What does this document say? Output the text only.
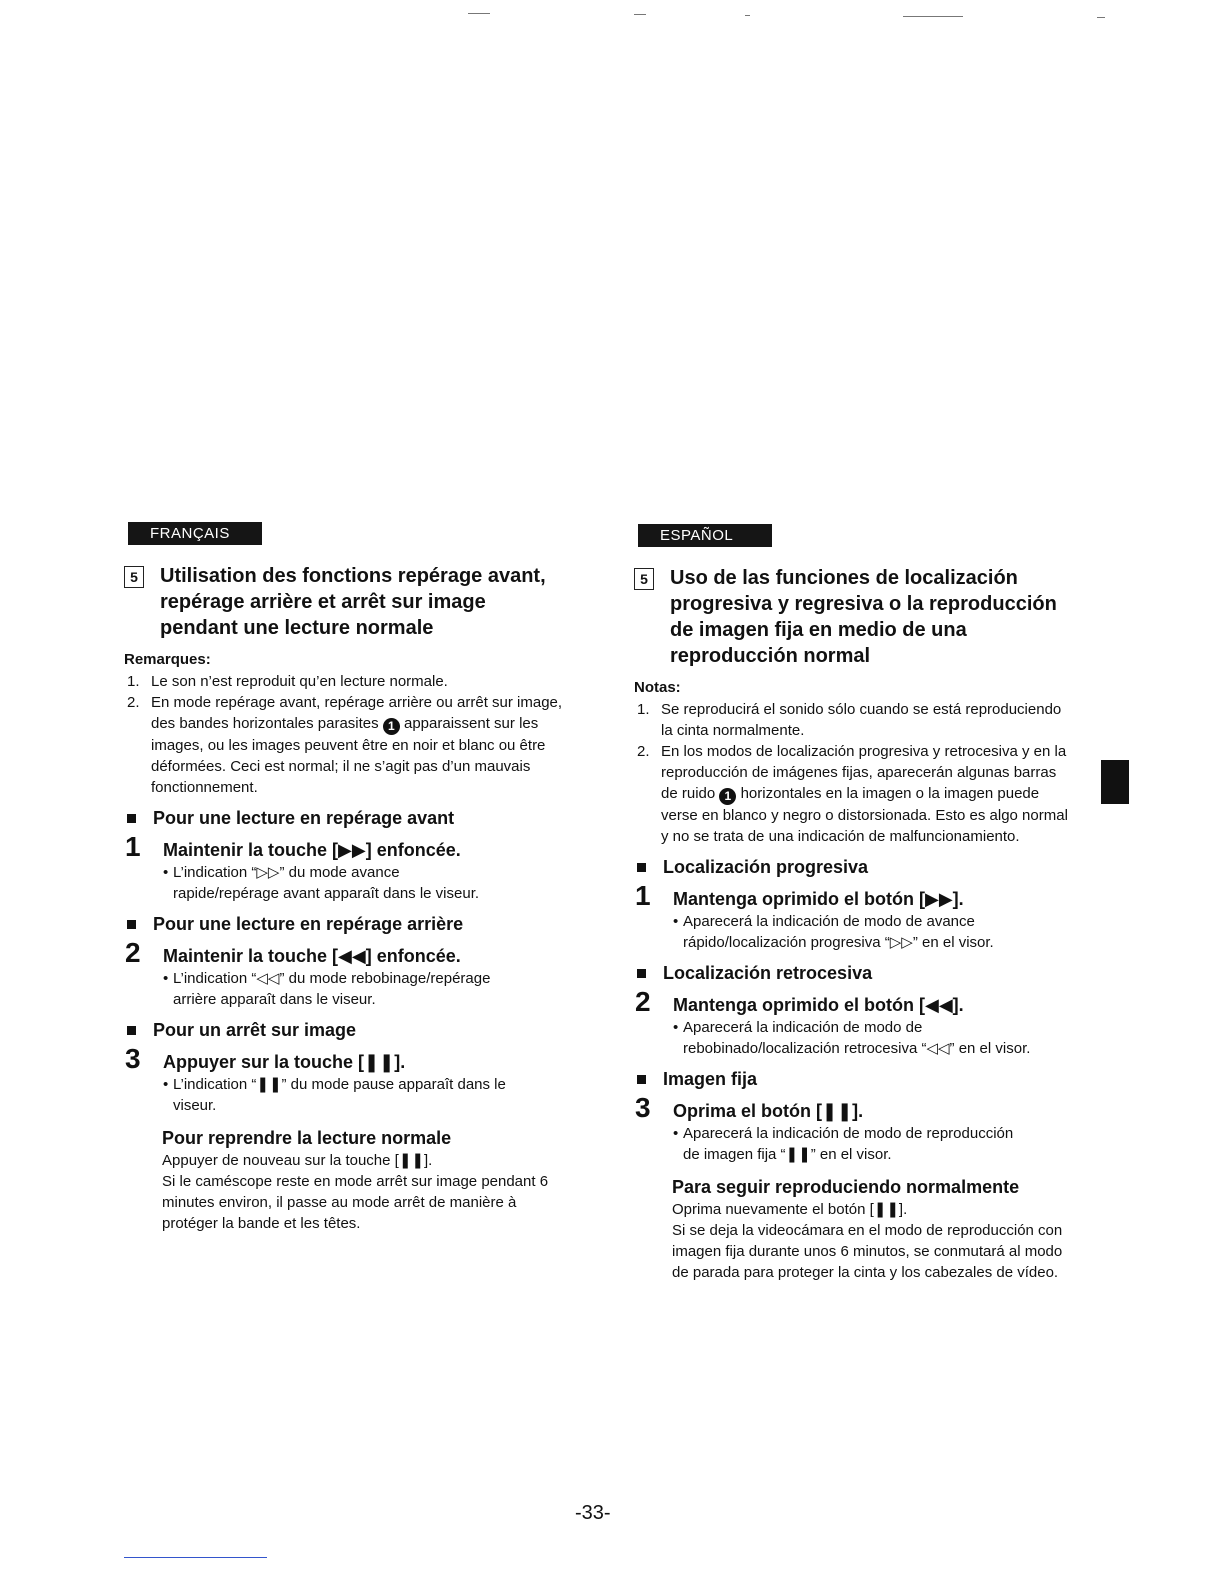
FRANÇAIS
5	Utilisation des fonctions repérage avant, repérage arrière et arrêt sur image pendant une lecture normale
Remarques:
1. Le son n’est reproduit qu’en lecture normale.
2. En mode repérage avant, repérage arrière ou arrêt sur image, des bandes horizontales parasites 1 apparaissent sur les images, ou les images peuvent être en noir et blanc ou être déformées. Ceci est normal; il ne s’agit pas d’un mauvais fonctionnement.
Pour une lecture en repérage avant
1	Maintenir la touche [▶▶] enfoncée.
• L’indication “▷▷” du mode avance
rapide/repérage avant apparaît dans le viseur.
Pour une lecture en repérage arrière
2	Maintenir la touche [◀◀] enfoncée.
• L’indication “◁◁” du mode rebobinage/repérage
arrière apparaît dans le viseur.
Pour un arrêt sur image
3	Appuyer sur la touche [❚❚].
• L’indication “❚❚” du mode pause apparaît dans le
viseur.
Pour reprendre la lecture normale
Appuyer de nouveau sur la touche [❚❚].
Si le caméscope reste en mode arrêt sur image pendant 6 minutes environ, il passe au mode arrêt de manière à protéger la bande et les têtes.
ESPAÑOL
5	Uso de las funciones de localización progresiva y regresiva o la reproducción de imagen fija en medio de una reproducción normal
Notas:
1. Se reproducirá el sonido sólo cuando se está reproduciendo la cinta normalmente.
2. En los modos de localización progresiva y retrocesiva y en la reproducción de imágenes fijas, aparecerán algunas barras de ruido 1 horizontales en la imagen o la imagen puede verse en blanco y negro o distorsionada. Esto es algo normal y no se trata de una indicación de malfuncionamiento.
Localización progresiva
1	Mantenga oprimido el botón [▶▶].
• Aparecerá la indicación de modo de avance
rápido/localización progresiva “▷▷” en el visor.
Localización retrocesiva
2	Mantenga oprimido el botón [◀◀].
• Aparecerá la indicación de modo de
rebobinado/localización retrocesiva “◁◁” en el visor.
Imagen fija
3	Oprima el botón [❚❚].
• Aparecerá la indicación de modo de reproducción
de imagen fija “❚❚” en el visor.
Para seguir reproduciendo normalmente
Oprima nuevamente el botón [❚❚].
Si se deja la videocámara en el modo de reproducción con imagen fija durante unos 6 minutos, se conmutará al modo de parada para proteger la cinta y los cabezales de vídeo.
-33-
